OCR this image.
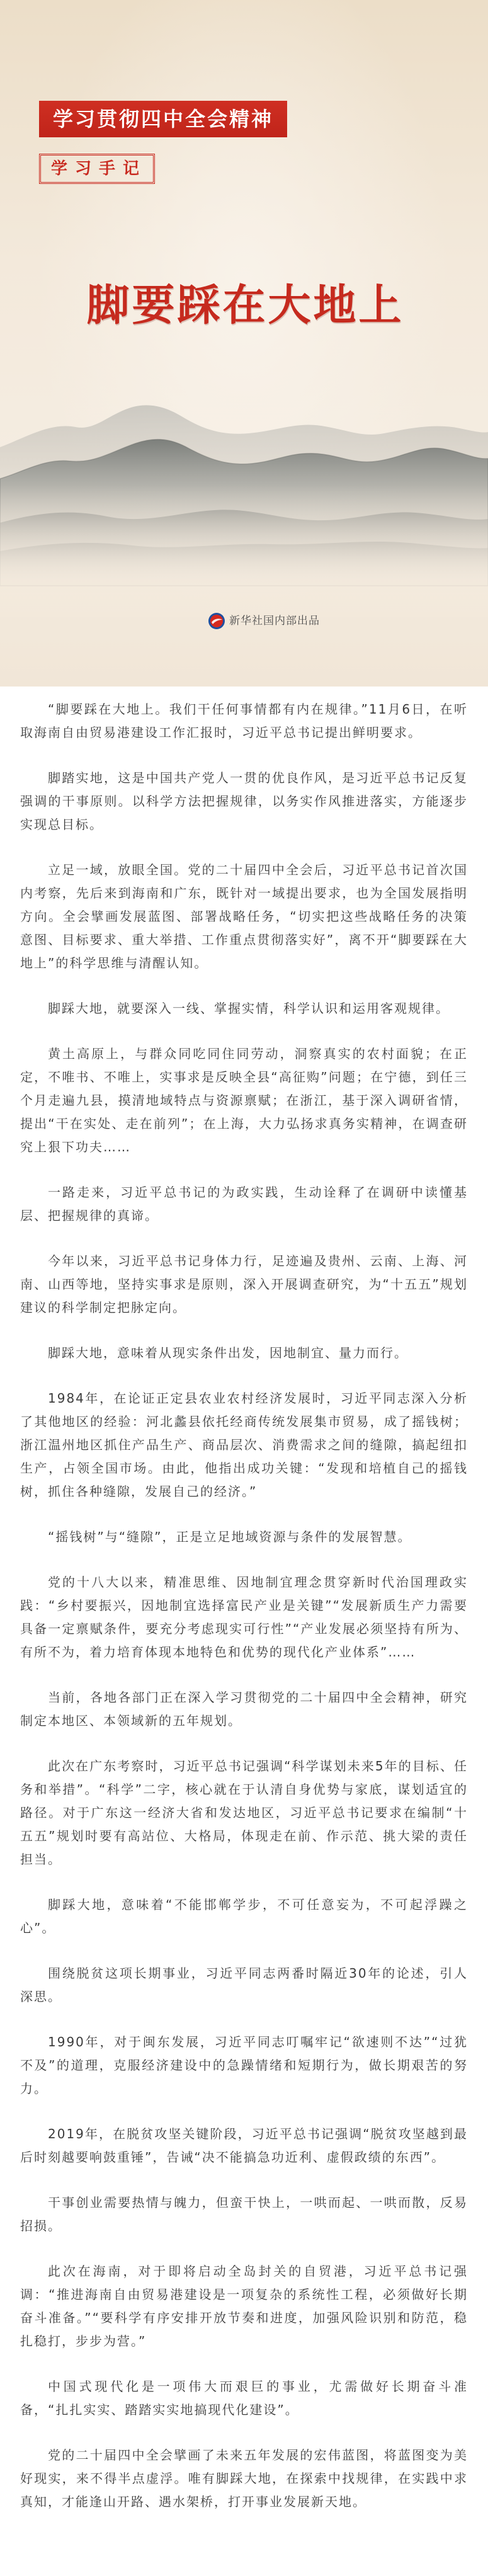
学习贯彻四中全会精神
学习手记
脚要踩在大地上
新华社国内部出品

“脚要踩在大地上。我们干任何事情都有内在规律。”11月6日，在听取海南自由贸易港建设工作汇报时，习近平总书记提出鲜明要求。

脚踏实地，这是中国共产党人一贯的优良作风，是习近平总书记反复强调的干事原则。以科学方法把握规律，以务实作风推进落实，方能逐步实现总目标。

立足一域，放眼全国。党的二十届四中全会后，习近平总书记首次国内考察，先后来到海南和广东，既针对一域提出要求，也为全国发展指明方向。全会擘画发展蓝图、部署战略任务，“切实把这些战略任务的决策意图、目标要求、重大举措、工作重点贯彻落实好”，离不开“脚要踩在大地上”的科学思维与清醒认知。

脚踩大地，就要深入一线、掌握实情，科学认识和运用客观规律。

黄土高原上，与群众同吃同住同劳动，洞察真实的农村面貌；在正定，不唯书、不唯上，实事求是反映全县“高征购”问题；在宁德，到任三个月走遍九县，摸清地域特点与资源禀赋；在浙江，基于深入调研省情，提出“干在实处、走在前列”；在上海，大力弘扬求真务实精神，在调查研究上狠下功夫……

一路走来，习近平总书记的为政实践，生动诠释了在调研中读懂基层、把握规律的真谛。

今年以来，习近平总书记身体力行，足迹遍及贵州、云南、上海、河南、山西等地，坚持实事求是原则，深入开展调查研究，为“十五五”规划建议的科学制定把脉定向。

脚踩大地，意味着从现实条件出发，因地制宜、量力而行。

1984年，在论证正定县农业农村经济发展时，习近平同志深入分析了其他地区的经验：河北蠡县依托经商传统发展集市贸易，成了摇钱树；浙江温州地区抓住产品生产、商品层次、消费需求之间的缝隙，搞起纽扣生产，占领全国市场。由此，他指出成功关键：“发现和培植自己的摇钱树，抓住各种缝隙，发展自己的经济。”

“摇钱树”与“缝隙”，正是立足地域资源与条件的发展智慧。

党的十八大以来，精准思维、因地制宜理念贯穿新时代治国理政实践：“乡村要振兴，因地制宜选择富民产业是关键”“发展新质生产力需要具备一定禀赋条件，要充分考虑现实可行性”“产业发展必须坚持有所为、有所不为，着力培育体现本地特色和优势的现代化产业体系”……

当前，各地各部门正在深入学习贯彻党的二十届四中全会精神，研究制定本地区、本领域新的五年规划。

此次在广东考察时，习近平总书记强调“科学谋划未来5年的目标、任务和举措”。“科学”二字，核心就在于认清自身优势与家底，谋划适宜的路径。对于广东这一经济大省和发达地区，习近平总书记要求在编制“十五五”规划时要有高站位、大格局，体现走在前、作示范、挑大梁的责任担当。

脚踩大地，意味着“不能邯郸学步，不可任意妄为，不可起浮躁之心”。

围绕脱贫这项长期事业，习近平同志两番时隔近30年的论述，引人深思。

1990年，对于闽东发展，习近平同志叮嘱牢记“欲速则不达”“过犹不及”的道理，克服经济建设中的急躁情绪和短期行为，做长期艰苦的努力。

2019年，在脱贫攻坚关键阶段，习近平总书记强调“脱贫攻坚越到最后时刻越要响鼓重锤”，告诫“决不能搞急功近利、虚假政绩的东西”。

干事创业需要热情与魄力，但蛮干快上，一哄而起、一哄而散，反易招损。

此次在海南，对于即将启动全岛封关的自贸港，习近平总书记强调：“推进海南自由贸易港建设是一项复杂的系统性工程，必须做好长期奋斗准备。”“要科学有序安排开放节奏和进度，加强风险识别和防范，稳扎稳打，步步为营。”

中国式现代化是一项伟大而艰巨的事业，尤需做好长期奋斗准备，“扎扎实实、踏踏实实地搞现代化建设”。

党的二十届四中全会擘画了未来五年发展的宏伟蓝图，将蓝图变为美好现实，来不得半点虚浮。唯有脚踩大地，在探索中找规律，在实践中求真知，才能逢山开路、遇水架桥，打开事业发展新天地。
